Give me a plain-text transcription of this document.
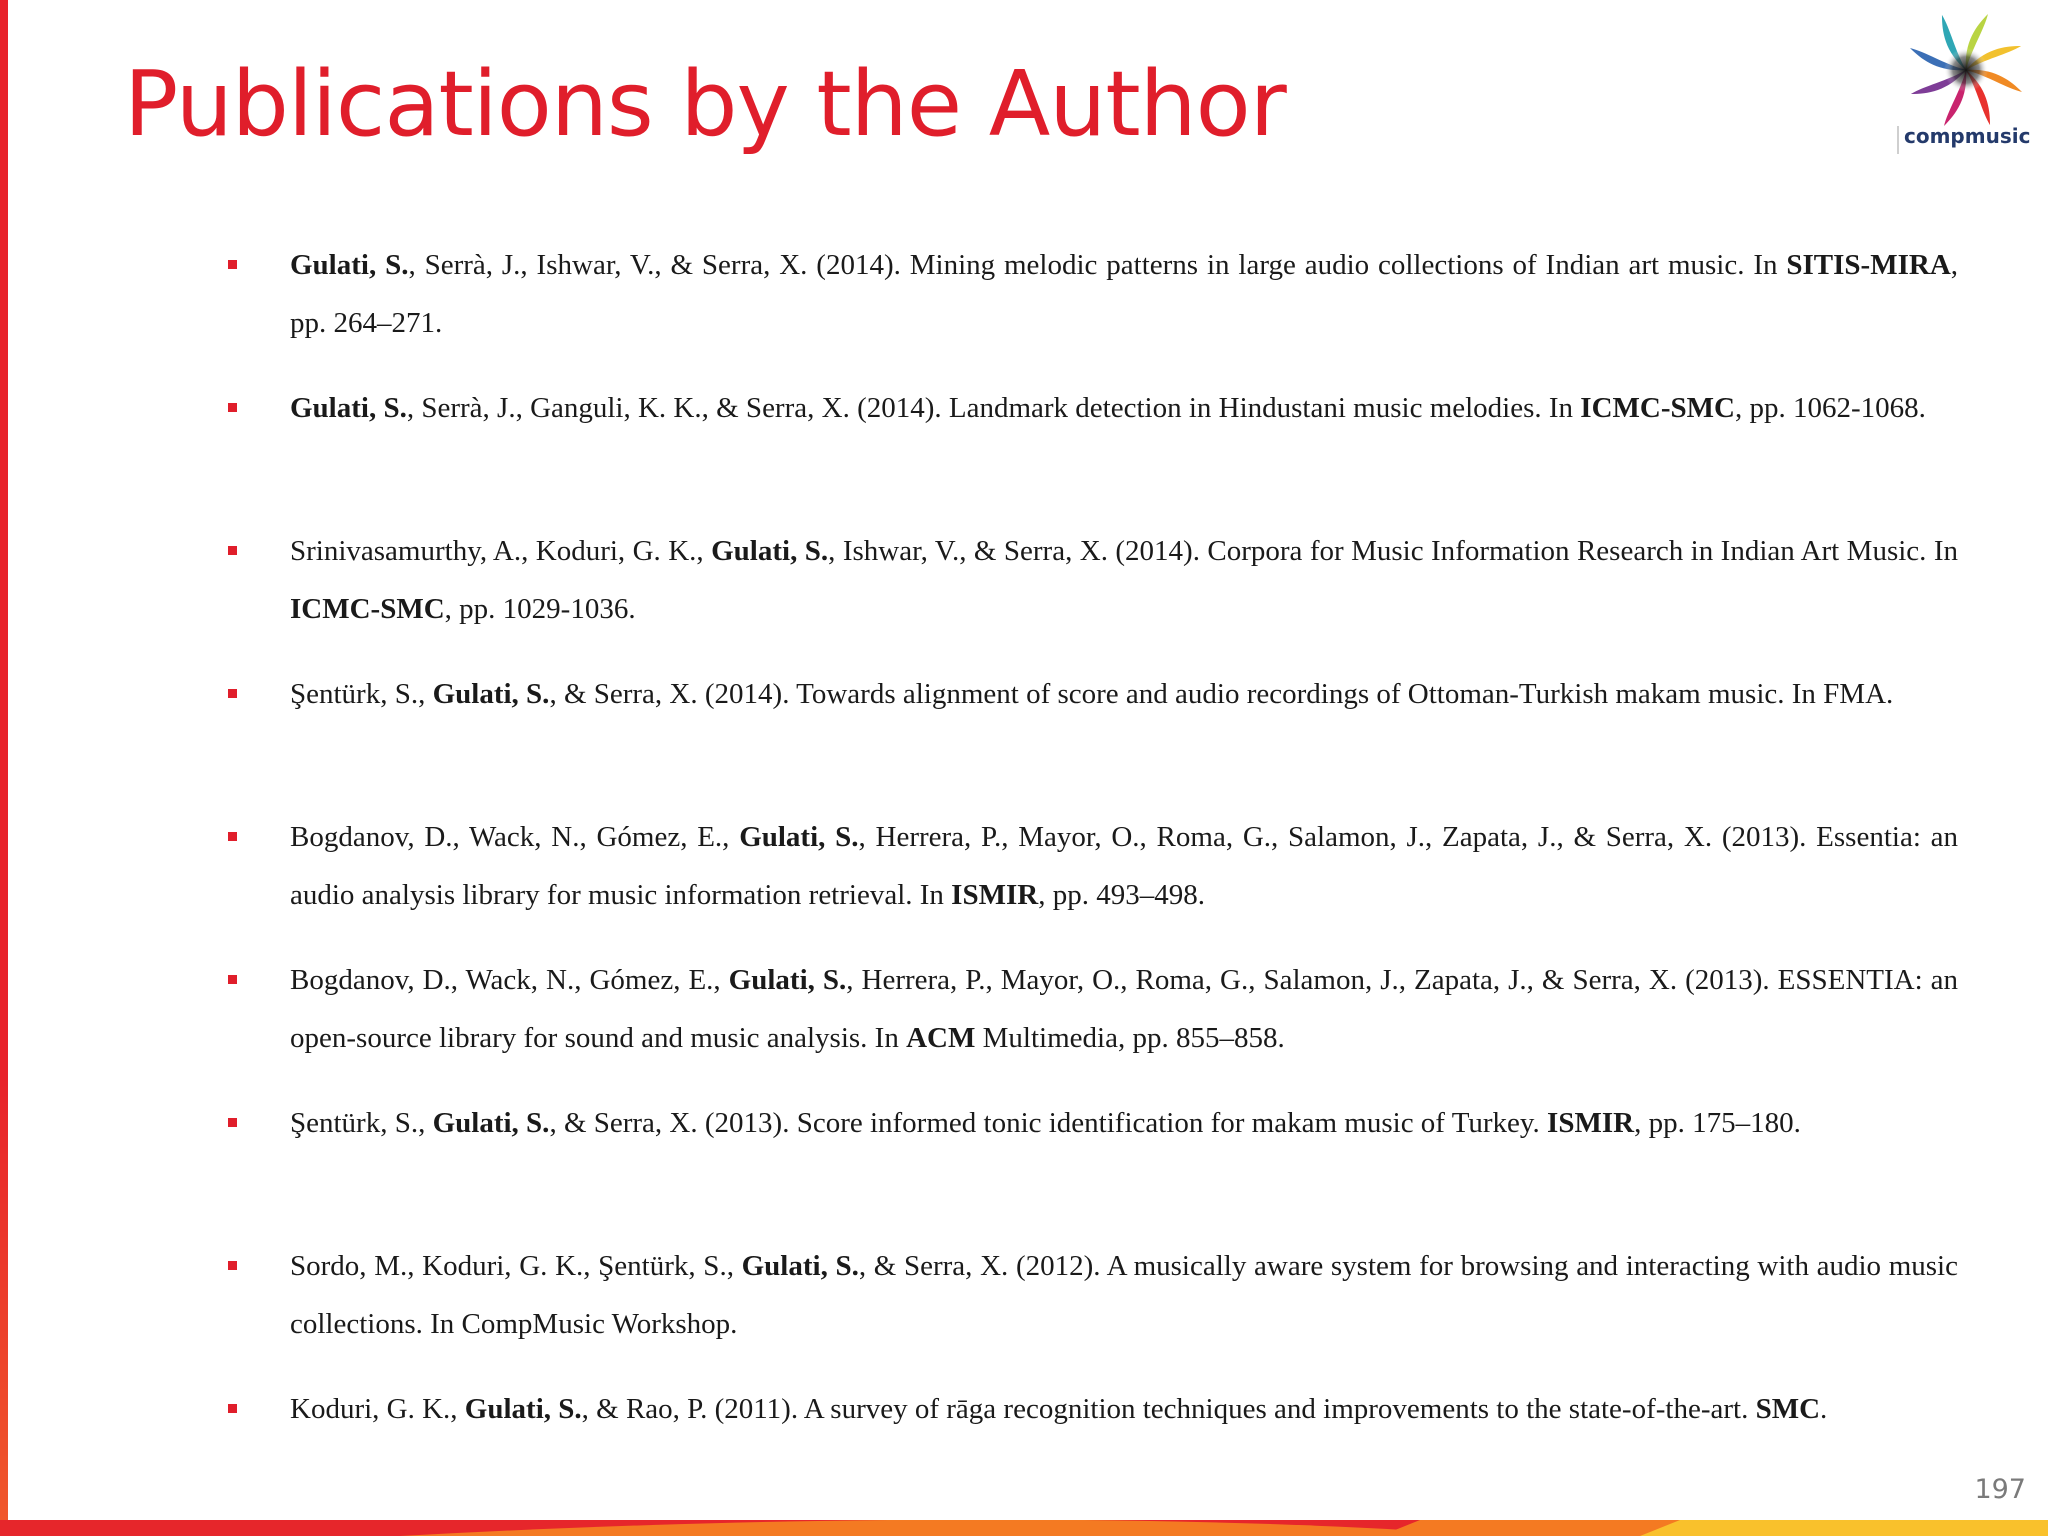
Publications by the Author	compmusic
Gulati, S., Serrà, J., Ishwar, V., & Serra, X. (2014). Mining melodic patterns in large audio collections of Indian art music. In SITIS-MIRA, pp. 264–271.
Gulati, S., Serrà, J., Ganguli, K. K., & Serra, X. (2014). Landmark detection in Hindustani music melodies. In ICMC-SMC, pp. 1062-1068.
Srinivasamurthy, A., Koduri, G. K., Gulati, S., Ishwar, V., & Serra, X. (2014). Corpora for Music Information Research in Indian Art Music. In ICMC-SMC, pp. 1029-1036.
Şentürk, S., Gulati, S., & Serra, X. (2014). Towards alignment of score and audio recordings of Ottoman-Turkish makam music. In FMA.
Bogdanov, D., Wack, N., Gómez, E., Gulati, S., Herrera, P., Mayor, O., Roma, G., Salamon, J., Zapata, J., & Serra, X. (2013). Essentia: an audio analysis library for music information retrieval. In ISMIR, pp. 493–498.
Bogdanov, D., Wack, N., Gómez, E., Gulati, S., Herrera, P., Mayor, O., Roma, G., Salamon, J., Zapata, J., & Serra, X. (2013). ESSENTIA: an open-source library for sound and music analysis. In ACM Multimedia, pp. 855–858.
Şentürk, S., Gulati, S., & Serra, X. (2013). Score informed tonic identification for makam music of Turkey. ISMIR, pp. 175–180.
Sordo, M., Koduri, G. K., Şentürk, S., Gulati, S., & Serra, X. (2012). A musically aware system for browsing and interacting with audio music collections. In CompMusic Workshop.
Koduri, G. K., Gulati, S., & Rao, P. (2011). A survey of rāga recognition techniques and improvements to the state-of-the-art. SMC.
197
